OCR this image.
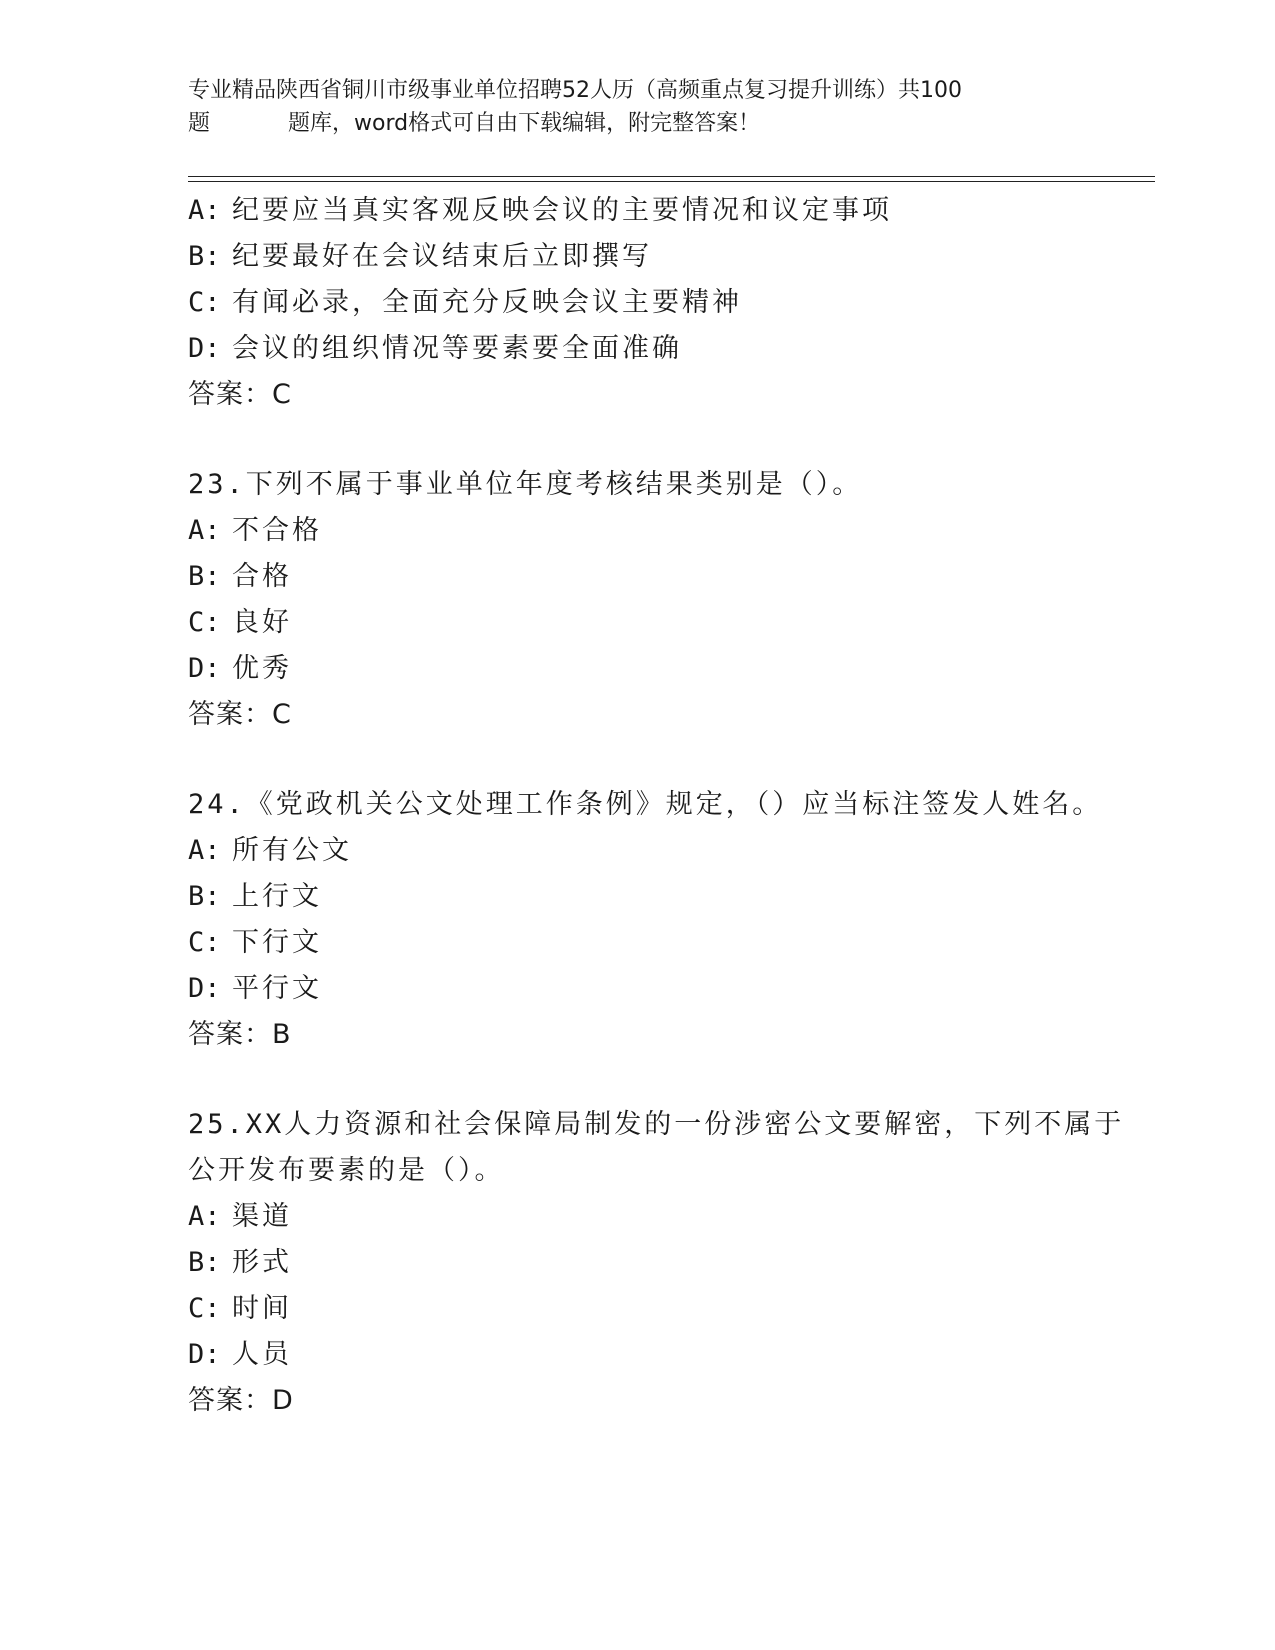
专业精品陕西省铜川市级事业单位招聘52人历（高频重点复习提升训练）共100
题	题库，word格式可自由下载编辑，附完整答案！
A: 纪要应当真实客观反映会议的主要情况和议定事项
B: 纪要最好在会议结束后立即撰写
C: 有闻必录，全面充分反映会议主要精神
D: 会议的组织情况等要素要全面准确
答案：C
23.下列不属于事业单位年度考核结果类别是（）。
A: 不合格
B: 合格
C: 良好
D: 优秀
答案：C
24.《党政机关公文处理工作条例》规定，（）应当标注签发人姓名。
A: 所有公文
B: 上行文
C: 下行文
D: 平行文
答案：B
25.XX人力资源和社会保障局制发的一份涉密公文要解密，下列不属于
公开发布要素的是（）。
A: 渠道
B: 形式
C: 时间
D: 人员
答案：D
